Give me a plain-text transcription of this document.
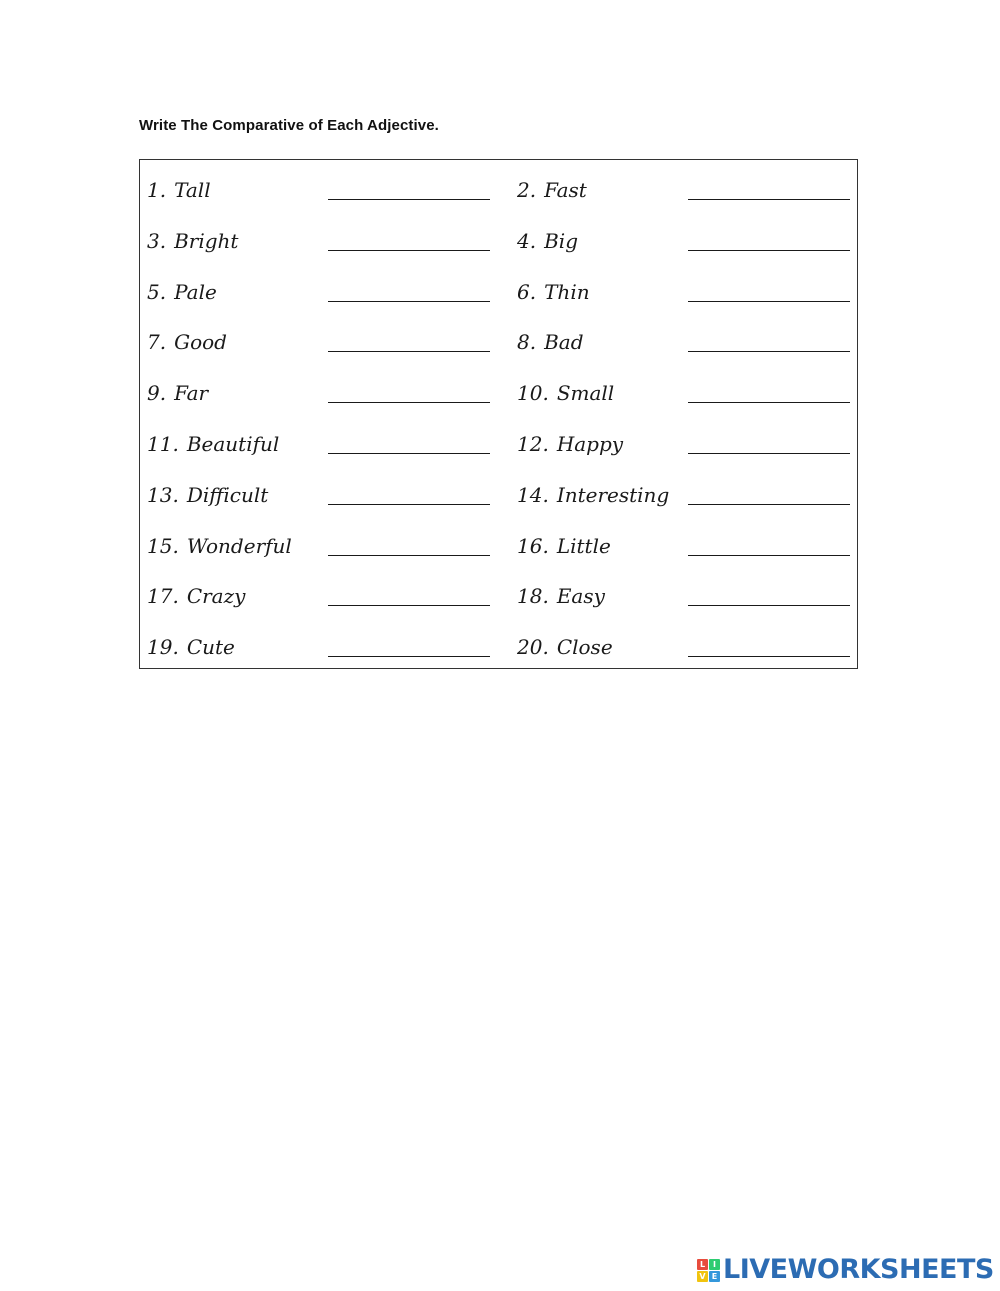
Write The Comparative of Each Adjective.
1. Tall	2. Fast
3. Bright	4. Big
5. Pale	6. Thin
7. Good	8. Bad
9. Far	10. Small
11. Beautiful	12. Happy
13. Difficult	14. Interesting
15. Wonderful	16. Little
17. Crazy	18. Easy
19. Cute	20. Close
L I
V E LIVEWORKSHEETS
